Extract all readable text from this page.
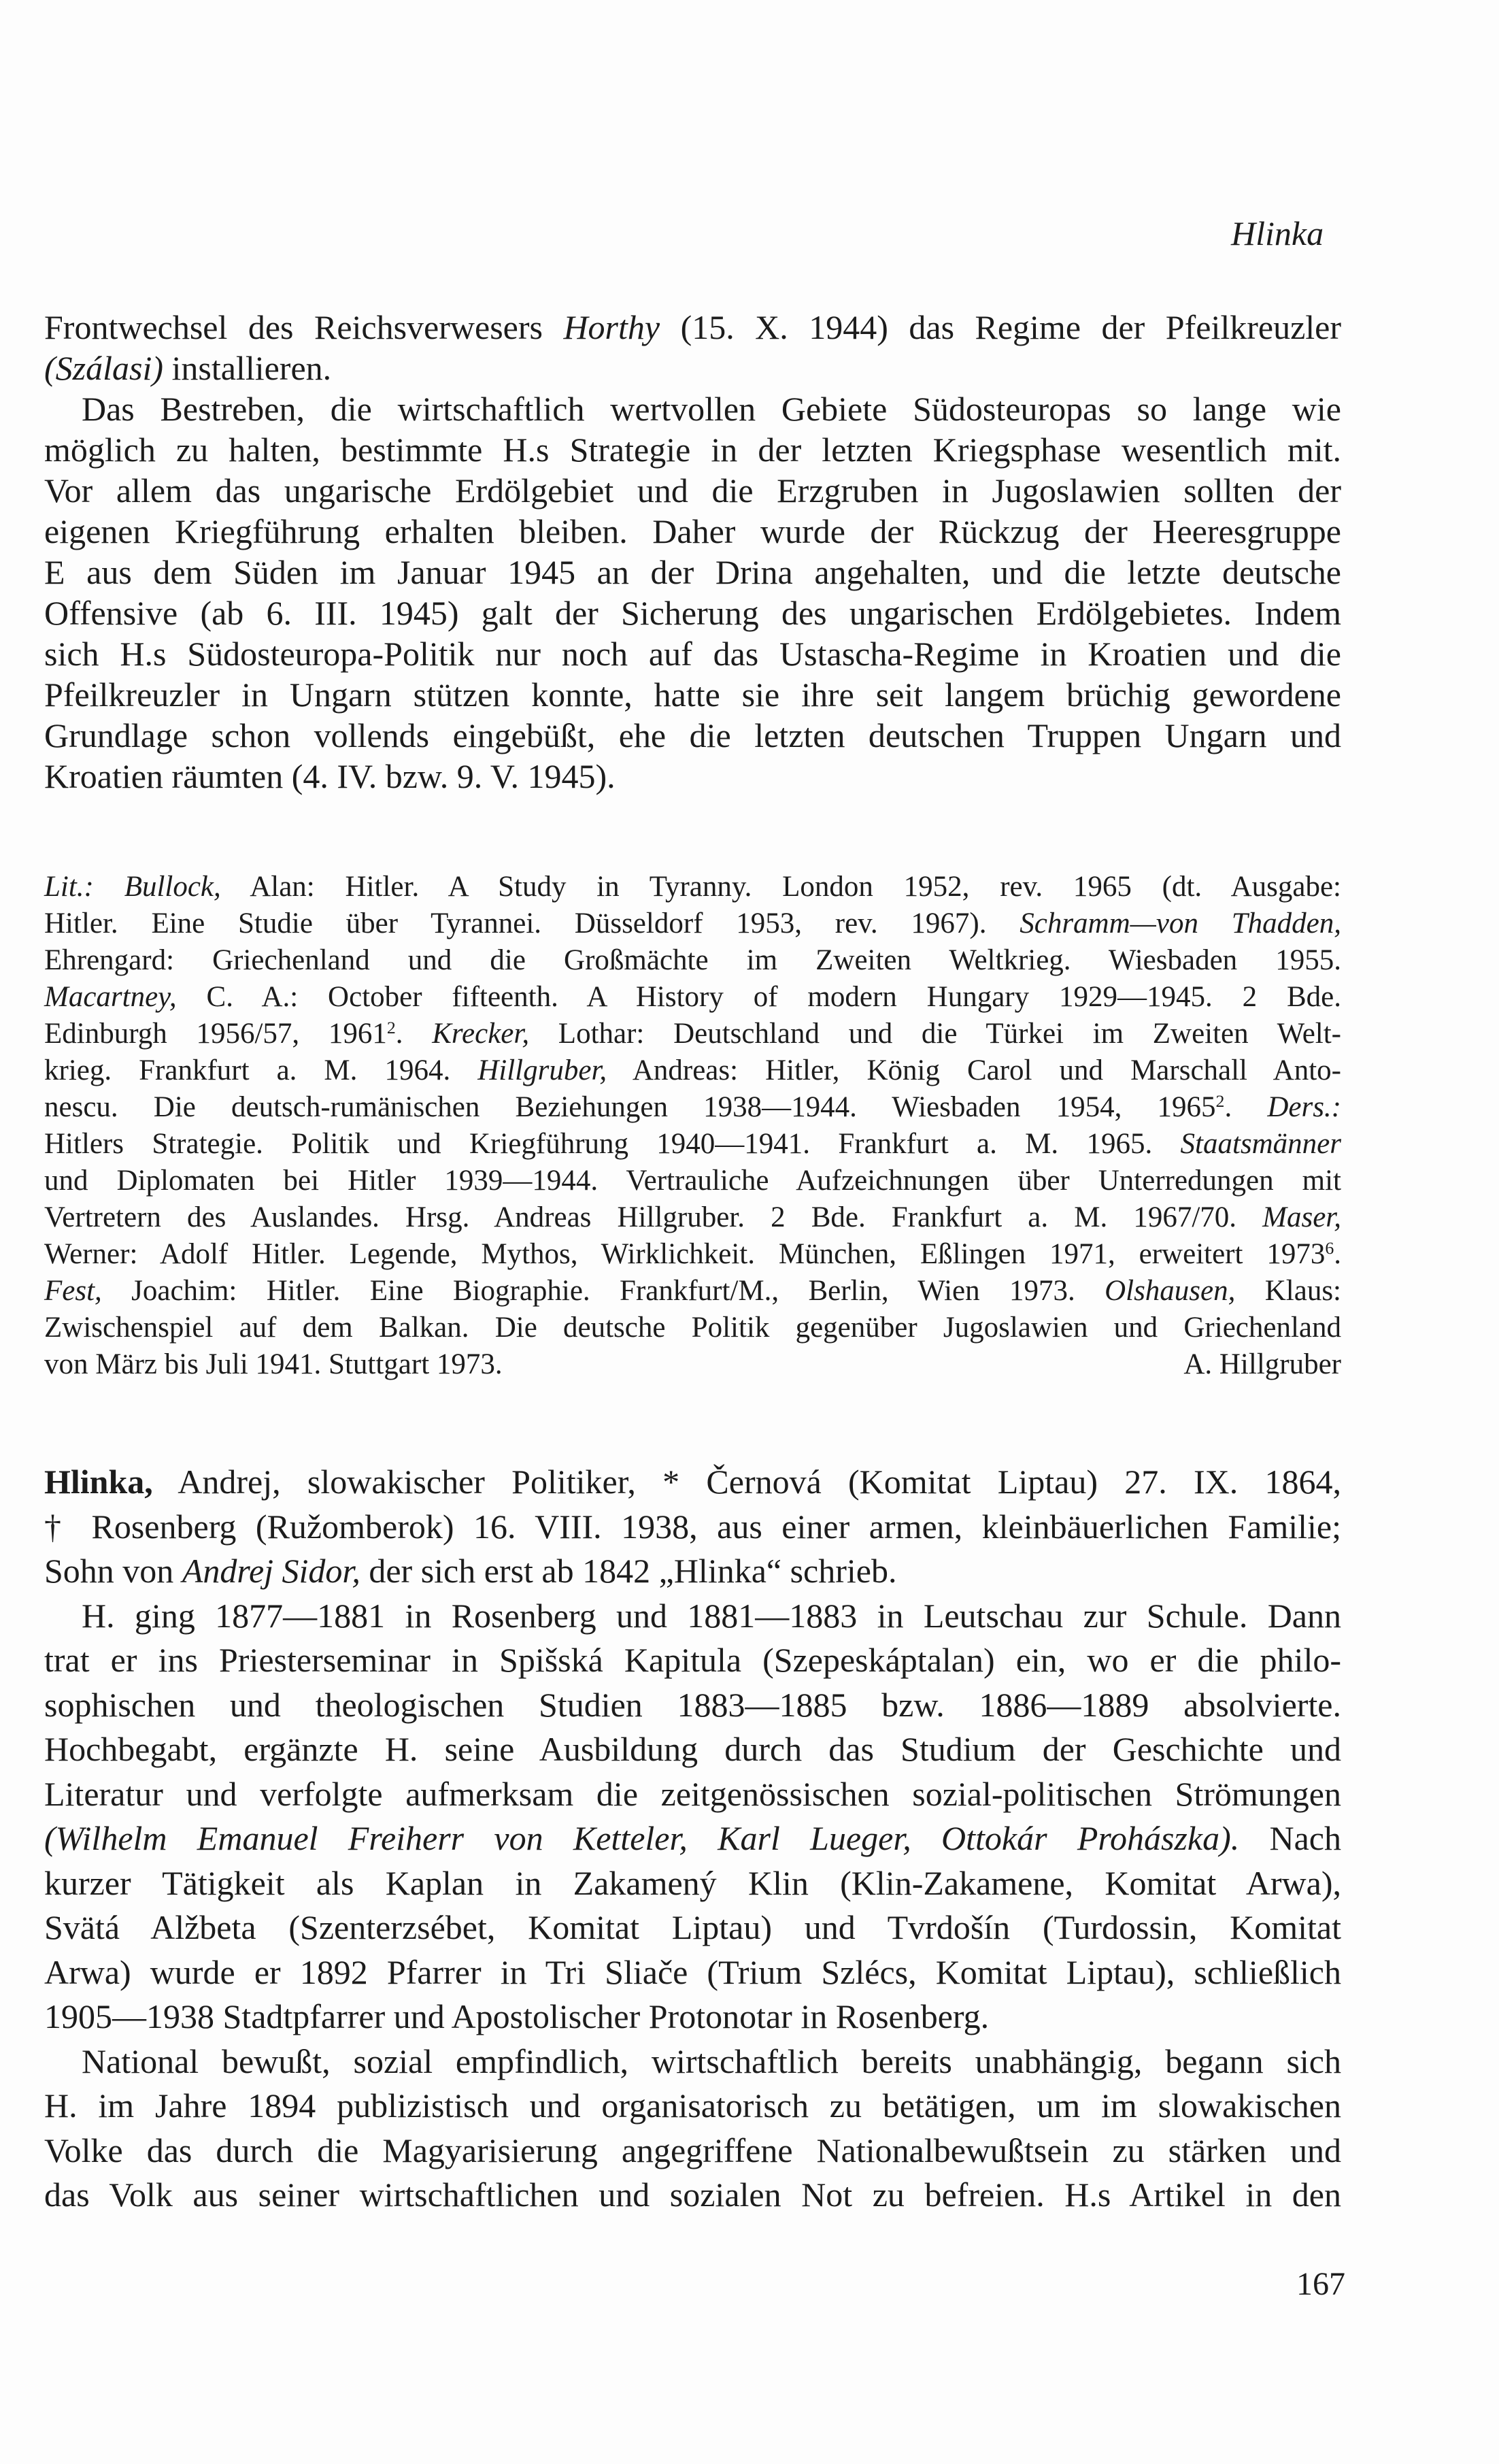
Hlinka
Frontwechsel des Reichsverwesers Horthy (15. X. 1944) das Regime der Pfeilkreuzler
(Szálasi) installieren.
Das Bestreben, die wirtschaftlich wertvollen Gebiete Südosteuropas so lange wie
möglich zu halten, bestimmte H.s Strategie in der letzten Kriegsphase wesentlich mit.
Vor allem das ungarische Erdölgebiet und die Erzgruben in Jugoslawien sollten der
eigenen Kriegführung erhalten bleiben. Daher wurde der Rückzug der Heeresgruppe
E aus dem Süden im Januar 1945 an der Drina angehalten, und die letzte deutsche
Offensive (ab 6. III. 1945) galt der Sicherung des ungarischen Erdölgebietes. Indem
sich H.s Südosteuropa-Politik nur noch auf das Ustascha-Regime in Kroatien und die
Pfeilkreuzler in Ungarn stützen konnte, hatte sie ihre seit langem brüchig gewordene
Grundlage schon vollends eingebüßt, ehe die letzten deutschen Truppen Ungarn und
Kroatien räumten (4. IV. bzw. 9. V. 1945).
Lit.: Bullock, Alan: Hitler. A Study in Tyranny. London 1952, rev. 1965 (dt. Ausgabe:
Hitler. Eine Studie über Tyrannei. Düsseldorf 1953, rev. 1967). Schramm—von Thadden,
Ehrengard: Griechenland und die Großmächte im Zweiten Weltkrieg. Wiesbaden 1955.
Macartney, C. A.: October fifteenth. A History of modern Hungary 1929—1945. 2 Bde.
Edinburgh 1956/57, 1961$^2$. Krecker, Lothar: Deutschland und die Türkei im Zweiten Welt-
krieg. Frankfurt a. M. 1964. Hillgruber, Andreas: Hitler, König Carol und Marschall Anto-
nescu. Die deutsch-rumänischen Beziehungen 1938—1944. Wiesbaden 1954, 1965$^2$. Ders.:
Hitlers Strategie. Politik und Kriegführung 1940—1941. Frankfurt a. M. 1965. Staatsmänner
und Diplomaten bei Hitler 1939—1944. Vertrauliche Aufzeichnungen über Unterredungen mit
Vertretern des Auslandes. Hrsg. Andreas Hillgruber. 2 Bde. Frankfurt a. M. 1967/70. Maser,
Werner: Adolf Hitler. Legende, Mythos, Wirklichkeit. München, Eßlingen 1971, erweitert 1973$^6$.
Fest, Joachim: Hitler. Eine Biographie. Frankfurt/M., Berlin, Wien 1973. Olshausen, Klaus:
Zwischenspiel auf dem Balkan. Die deutsche Politik gegenüber Jugoslawien und Griechenland
von März bis Juli 1941. Stuttgart 1973.	A. Hillgruber
Hlinka, Andrej, slowakischer Politiker, * Černová (Komitat Liptau) 27. IX. 1864,
† Rosenberg (Ružomberok) 16. VIII. 1938, aus einer armen, kleinbäuerlichen Familie;
Sohn von Andrej Sidor, der sich erst ab 1842 „Hlinka“ schrieb.
H. ging 1877—1881 in Rosenberg und 1881—1883 in Leutschau zur Schule. Dann
trat er ins Priesterseminar in Spišská Kapitula (Szepeskáptalan) ein, wo er die philo-
sophischen und theologischen Studien 1883—1885 bzw. 1886—1889 absolvierte.
Hochbegabt, ergänzte H. seine Ausbildung durch das Studium der Geschichte und
Literatur und verfolgte aufmerksam die zeitgenössischen sozial-politischen Strömungen
(Wilhelm Emanuel Freiherr von Ketteler, Karl Lueger, Ottokár Prohászka). Nach
kurzer Tätigkeit als Kaplan in Zakamený Klin (Klin-Zakamene, Komitat Arwa),
Svätá Alžbeta (Szenterzsébet, Komitat Liptau) und Tvrdošín (Turdossin, Komitat
Arwa) wurde er 1892 Pfarrer in Tri Sliače (Trium Szlécs, Komitat Liptau), schließlich
1905—1938 Stadtpfarrer und Apostolischer Protonotar in Rosenberg.
National bewußt, sozial empfindlich, wirtschaftlich bereits unabhängig, begann sich
H. im Jahre 1894 publizistisch und organisatorisch zu betätigen, um im slowakischen
Volke das durch die Magyarisierung angegriffene Nationalbewußtsein zu stärken und
das Volk aus seiner wirtschaftlichen und sozialen Not zu befreien. H.s Artikel in den
167
